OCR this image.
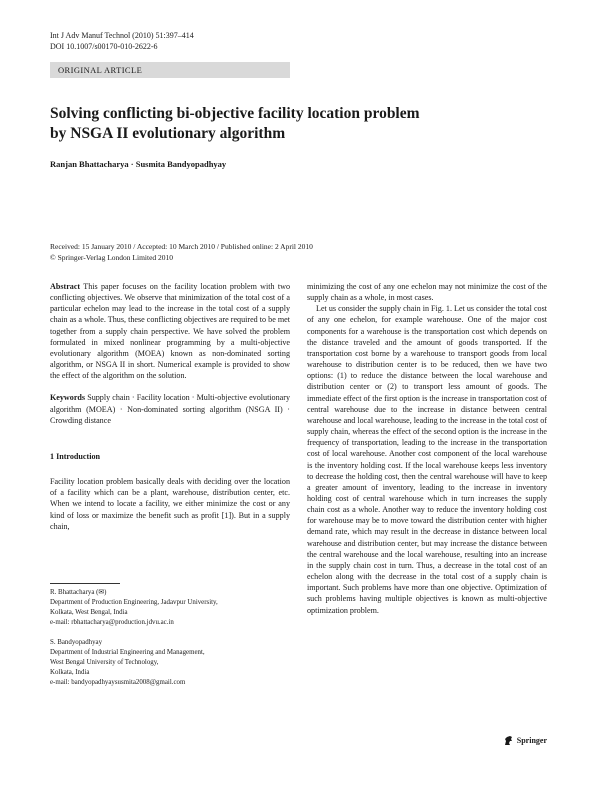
Int J Adv Manuf Technol (2010) 51:397–414
DOI 10.1007/s00170-010-2622-6
ORIGINAL ARTICLE
Solving conflicting bi-objective facility location problem
by NSGA II evolutionary algorithm
Ranjan Bhattacharya · Susmita Bandyopadhyay
Received: 15 January 2010 / Accepted: 10 March 2010 / Published online: 2 April 2010
© Springer-Verlag London Limited 2010

Abstract This paper focuses on the facility location problem with two conflicting objectives. We observe that minimization of the total cost of a particular echelon may lead to the increase in the total cost of a supply chain as a whole. Thus, these conflicting objectives are required to be met together from a supply chain perspective. We have solved the problem formulated in mixed nonlinear programming by a multi-objective evolutionary algorithm (MOEA) known as non-dominated sorting algorithm, or NSGA II in short. Numerical example is provided to show the effect of the algorithm on the solution.

Keywords Supply chain · Facility location · Multi-objective evolutionary algorithm (MOEA) · Non-dominated sorting algorithm (NSGA II) · Crowding distance

1 Introduction

Facility location problem basically deals with deciding over the location of a facility which can be a plant, warehouse, distribution center, etc. When we intend to locate a facility, we either minimize the cost or any kind of loss or maximize the benefit such as profit [1]). But in a supply chain,

minimizing the cost of any one echelon may not minimize the cost of the supply chain as a whole, in most cases.

Let us consider the supply chain in Fig. 1. Let us consider the total cost of any one echelon, for example warehouse. One of the major cost components for a warehouse is the transportation cost which depends on the distance traveled and the amount of goods transported. If the transportation cost borne by a warehouse to transport goods from local warehouse to distribution center is to be reduced, then we have two options: (1) to reduce the distance between the local warehouse and distribution center or (2) to transport less amount of goods. The immediate effect of the first option is the increase in transportation cost of central warehouse due to the increase in distance between central warehouse and local warehouse, leading to the increase in the total cost of supply chain, whereas the effect of the second option is the increase in the frequency of transportation, leading to the increase in the transportation cost of local warehouse. Another cost component of the local warehouse is the inventory holding cost. If the local warehouse keeps less inventory to decrease the holding cost, then the central warehouse will have to keep a greater amount of inventory, leading to the increase in inventory holding cost of central warehouse which in turn increases the supply chain cost as a whole. Another way to reduce the inventory holding cost for warehouse may be to move toward the distribution center with higher demand rate, which may result in the decrease in distance between local warehouse and distribution center, but may increase the distance between the central warehouse and the local warehouse, resulting into an increase in the supply chain cost in turn. Thus, a decrease in the total cost of an echelon along with the decrease in the total cost of a supply chain is important. Such problems have more than one objective. Optimization of such problems having multiple objectives is known as multi-objective optimization problem.

R. Bhattacharya (✉)
Department of Production Engineering, Jadavpur University,
Kolkata, West Bengal, India
e-mail: rbhattacharya@production.jdvu.ac.in
S. Bandyopadhyay
Department of Industrial Engineering and Management,
West Bengal University of Technology,
Kolkata, India
e-mail: bandyopadhyaysusmita2008@gmail.com
Springer
